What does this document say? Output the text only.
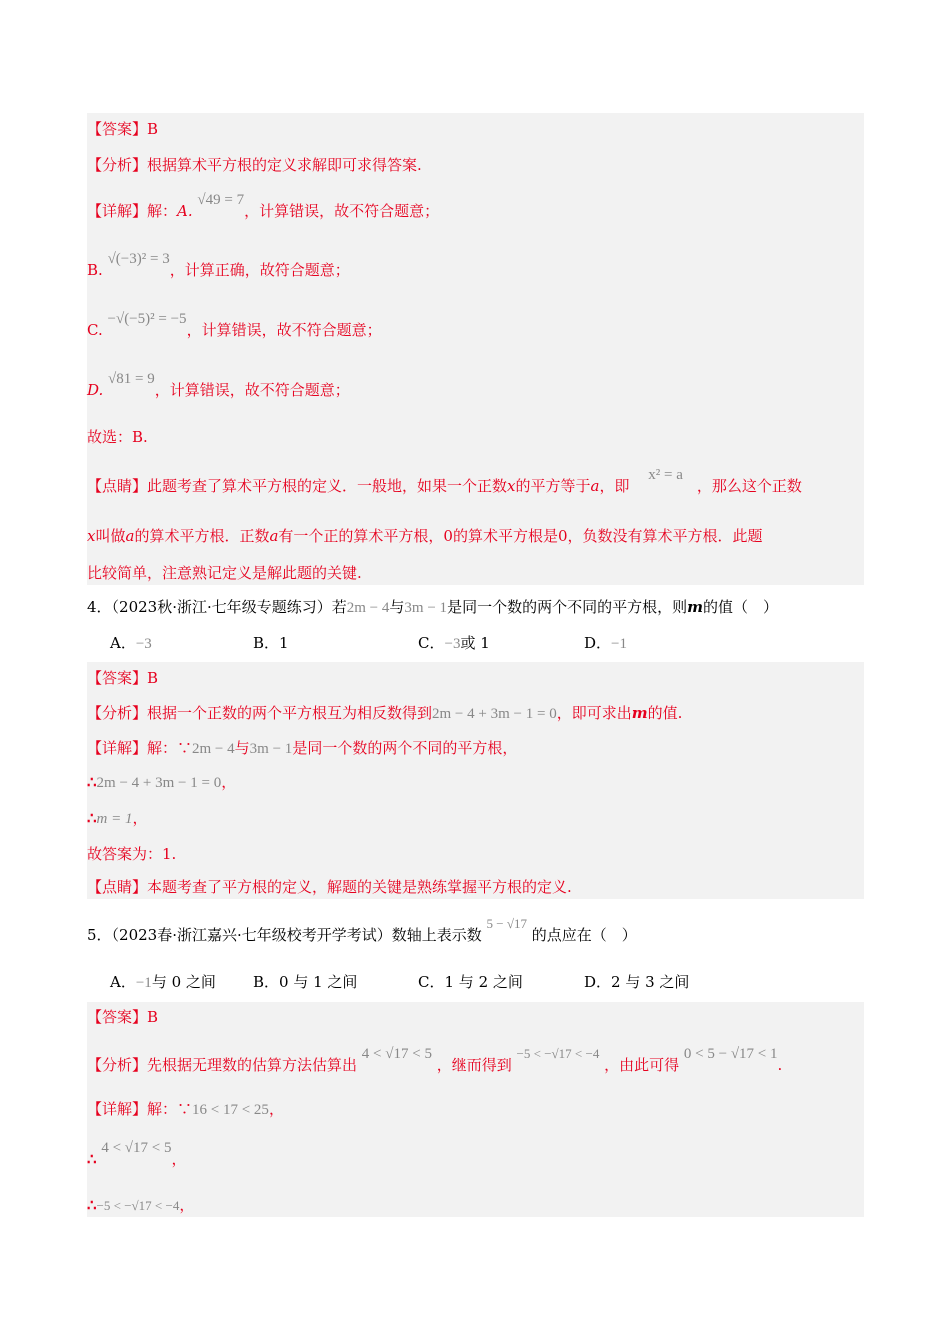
【答案】B
【分析】根据算术平方根的定义求解即可求得答案.
【详解】解：A. √49 = 7，计算错误，故不符合题意；
B. √(−3)² = 3，计算正确，故符合题意；
C. −√(−5)² = −5，计算错误，故不符合题意；
D. √81 = 9，计算错误，故不符合题意；
故选：B.
【点睛】此题考查了算术平方根的定义．一般地，如果一个正数x的平方等于a，即 x² = a，那么这个正数
x叫做a的算术平方根．正数a有一个正的算术平方根，0的算术平方根是0，负数没有算术平方根．此题
比较简单，注意熟记定义是解此题的关键.
4．（2023秋·浙江·七年级专题练习）若2m − 4与3m − 1是同一个数的两个不同的平方根，则m的值（　）
A．−3	B．1	C．−3或 1	D．−1
【答案】B
【分析】根据一个正数的两个平方根互为相反数得到2m − 4 + 3m − 1 = 0，即可求出m的值.
【详解】解：∵2m − 4与3m − 1是同一个数的两个不同的平方根，
∴2m − 4 + 3m − 1 = 0，
∴m = 1，
故答案为：1.
【点睛】本题考查了平方根的定义，解题的关键是熟练掌握平方根的定义.
5．（2023春·浙江嘉兴·七年级校考开学考试）数轴上表示数 5 − √17 的点应在（　）
A．−1与 0 之间 B．0 与 1 之间	C．1 与 2 之间	D．2 与 3 之间
【答案】B
【分析】先根据无理数的估算方法估算出 4 < √17 < 5 ，继而得到 −5 < −√17 < −4 ，由此可得 0 < 5 − √17 < 1.
【详解】解：∵16 < 17 < 25，
∴ 4 < √17 < 5，
∴−5 < −√17 < −4，
